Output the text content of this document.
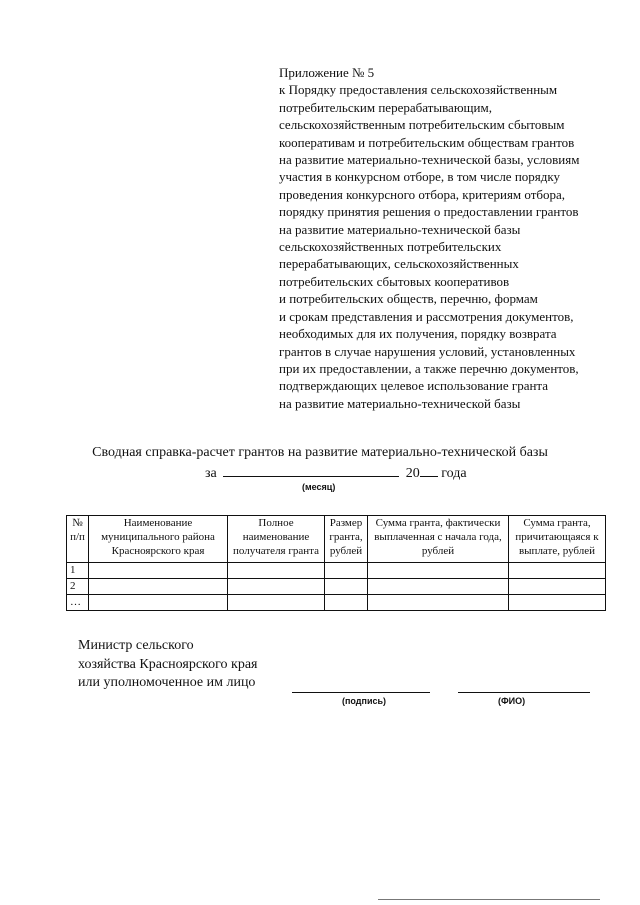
Приложение № 5
к Порядку предоставления сельскохозяйственным
потребительским перерабатывающим,
сельскохозяйственным потребительским сбытовым
кооперативам и потребительским обществам грантов
на развитие материально-технической базы, условиям
участия в конкурсном отборе, в том числе порядку
проведения конкурсного отбора, критериям отбора,
порядку принятия решения о предоставлении грантов
на развитие материально-технической базы
сельскохозяйственных потребительских
перерабатывающих, сельскохозяйственных
потребительских сбытовых кооперативов
и потребительских обществ, перечню, формам
и срокам представления и рассмотрения документов,
необходимых для их получения, порядку возврата
грантов в случае нарушения условий, установленных
при их предоставлении, а также перечню документов,
подтверждающих целевое использование гранта
на развитие материально-технической базы
Сводная справка-расчет грантов на развитие материально-технической базы
за	20 года
(месяц)
№ п/п	Наименование муниципального района Красноярского края	Полное наименование получателя гранта	Размер гранта, рублей	Сумма гранта, фактически выплаченная с начала года, рублей	Сумма гранта, причитающаяся к выплате, рублей
1					
2					
…					
Министр сельского
хозяйства Красноярского края
или уполномоченное им лицо
(подпись)	(ФИО)
